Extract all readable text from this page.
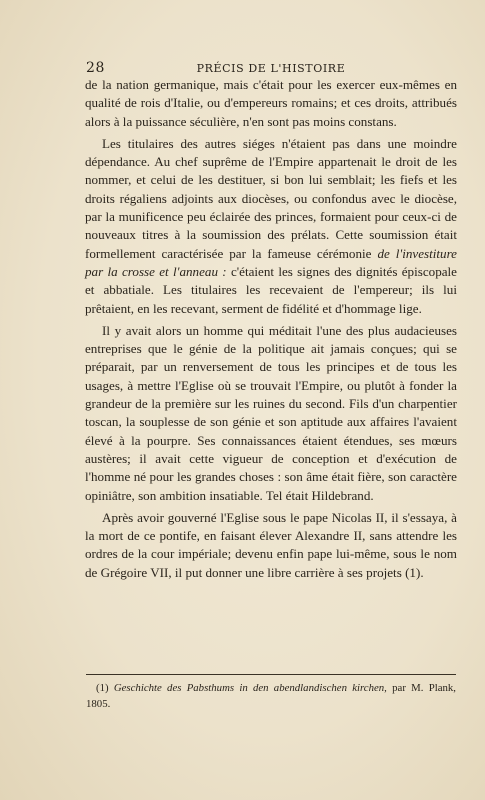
28	PRÉCIS DE L'HISTOIRE

de la nation germanique, mais c'était pour les exercer eux-mêmes en qualité de rois d'Italie, ou d'empereurs romains; et ces droits, attribués alors à la puissance séculière, n'en sont pas moins constans.

Les titulaires des autres siéges n'étaient pas dans une moindre dépendance. Au chef suprême de l'Empire appartenait le droit de les nommer, et celui de les destituer, si bon lui semblait; les fiefs et les droits régaliens adjoints aux diocèses, ou confondus avec le diocèse, par la munificence peu éclairée des princes, formaient pour ceux-ci de nouveaux titres à la soumission des prélats. Cette soumission était formellement caractérisée par la fameuse cérémonie de l'investiture par la crosse et l'anneau : c'étaient les signes des dignités épiscopale et abbatiale. Les titulaires les recevaient de l'empereur; ils lui prêtaient, en les recevant, serment de fidélité et d'hommage lige.

Il y avait alors un homme qui méditait l'une des plus audacieuses entreprises que le génie de la politique ait jamais conçues; qui se préparait, par un renversement de tous les principes et de tous les usages, à mettre l'Eglise où se trouvait l'Empire, ou plutôt à fonder la grandeur de la première sur les ruines du second. Fils d'un charpentier toscan, la souplesse de son génie et son aptitude aux affaires l'avaient élevé à la pourpre. Ses connaissances étaient étendues, ses mœurs austères; il avait cette vigueur de conception et d'exécution de l'homme né pour les grandes choses : son âme était fière, son caractère opiniâtre, son ambition insatiable. Tel était Hildebrand.

Après avoir gouverné l'Eglise sous le pape Nicolas II, il s'essaya, à la mort de ce pontife, en faisant élever Alexandre II, sans attendre les ordres de la cour impériale; devenu enfin pape lui-même, sous le nom de Grégoire VII, il put donner une libre carrière à ses projets (1).

(1) Geschichte des Pabsthums in den abendlandischen kirchen, par M. Plank, 1805.
